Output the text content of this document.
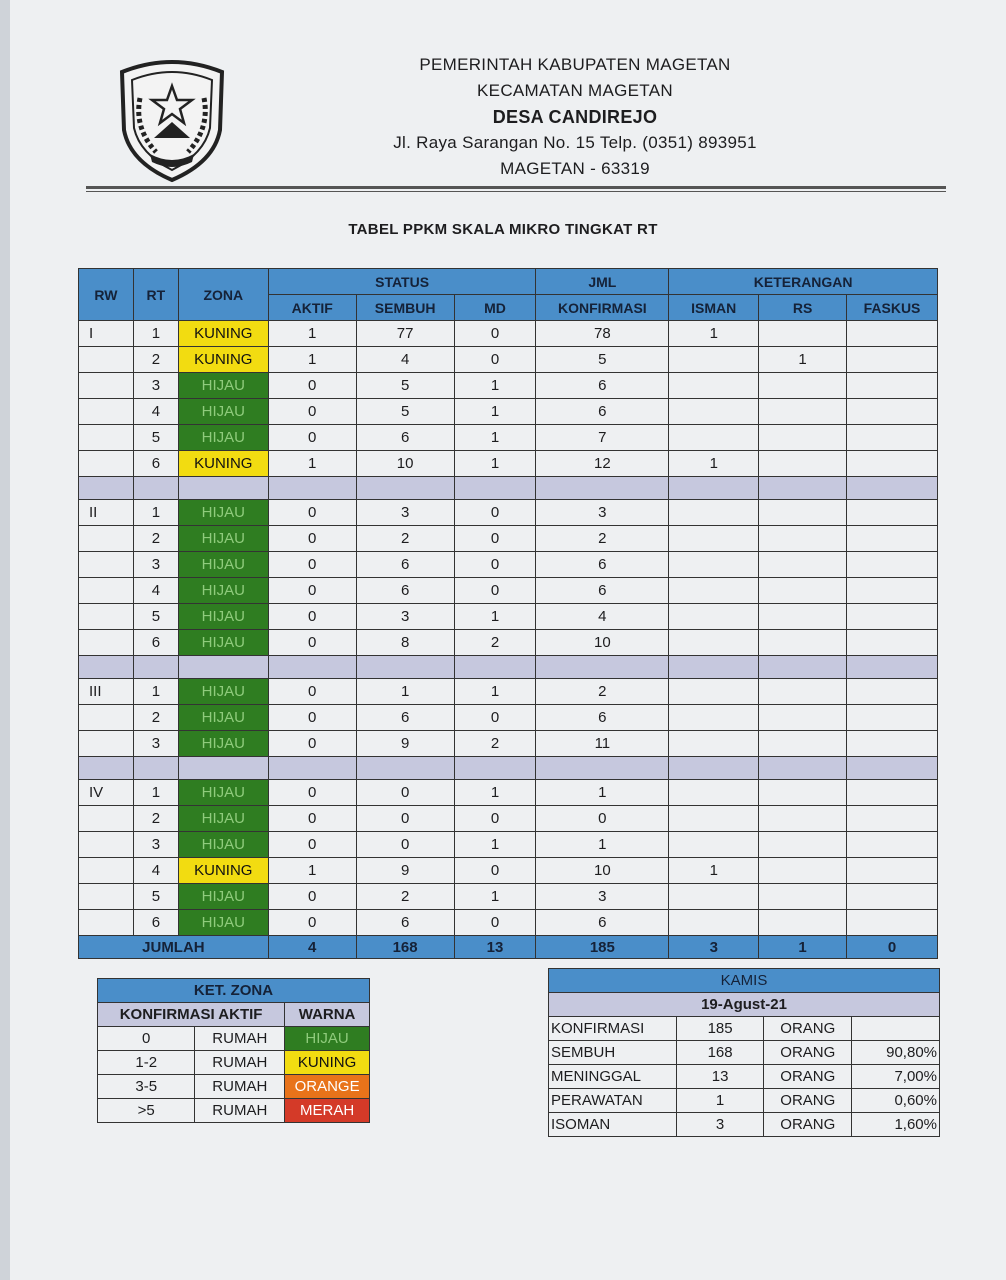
PEMERINTAH KABUPATEN MAGETAN
KECAMATAN MAGETAN
DESA CANDIREJO
Jl. Raya Sarangan No. 15 Telp. (0351) 893951
MAGETAN - 63319
TABEL PPKM SKALA MIKRO TINGKAT RT
RW	RT	ZONA	STATUS			JML	KETERANGAN		
			AKTIF	SEMBUH	MD	KONFIRMASI	ISMAN	RS	FASKUS
I	1	KUNING	1	77	0	78	1		
	2	KUNING	1	4	0	5		1	
	3	HIJAU	0	5	1	6			
	4	HIJAU	0	5	1	6			
	5	HIJAU	0	6	1	7			
	6	KUNING	1	10	1	12	1		

II	1	HIJAU	0	3	0	3			
	2	HIJAU	0	2	0	2			
	3	HIJAU	0	6	0	6			
	4	HIJAU	0	6	0	6			
	5	HIJAU	0	3	1	4			
	6	HIJAU	0	8	2	10			

III	1	HIJAU	0	1	1	2			
	2	HIJAU	0	6	0	6			
	3	HIJAU	0	9	2	11			

IV	1	HIJAU	0	0	1	1			
	2	HIJAU	0	0	0	0			
	3	HIJAU	0	0	1	1			
	4	KUNING	1	9	0	10	1		
	5	HIJAU	0	2	1	3			
	6	HIJAU	0	6	0	6			
JUMLAH			4	168	13	185	3	1	0
KET. ZONA		
KONFIRMASI AKTIF		WARNA
0	RUMAH	HIJAU
1-2	RUMAH	KUNING
3-5	RUMAH	ORANGE
>5	RUMAH	MERAH
KAMIS			
19-Agust-21			
KONFIRMASI	185	ORANG	
SEMBUH	168	ORANG	90,80%
MENINGGAL	13	ORANG	7,00%
PERAWATAN	1	ORANG	0,60%
ISOMAN	3	ORANG	1,60%
